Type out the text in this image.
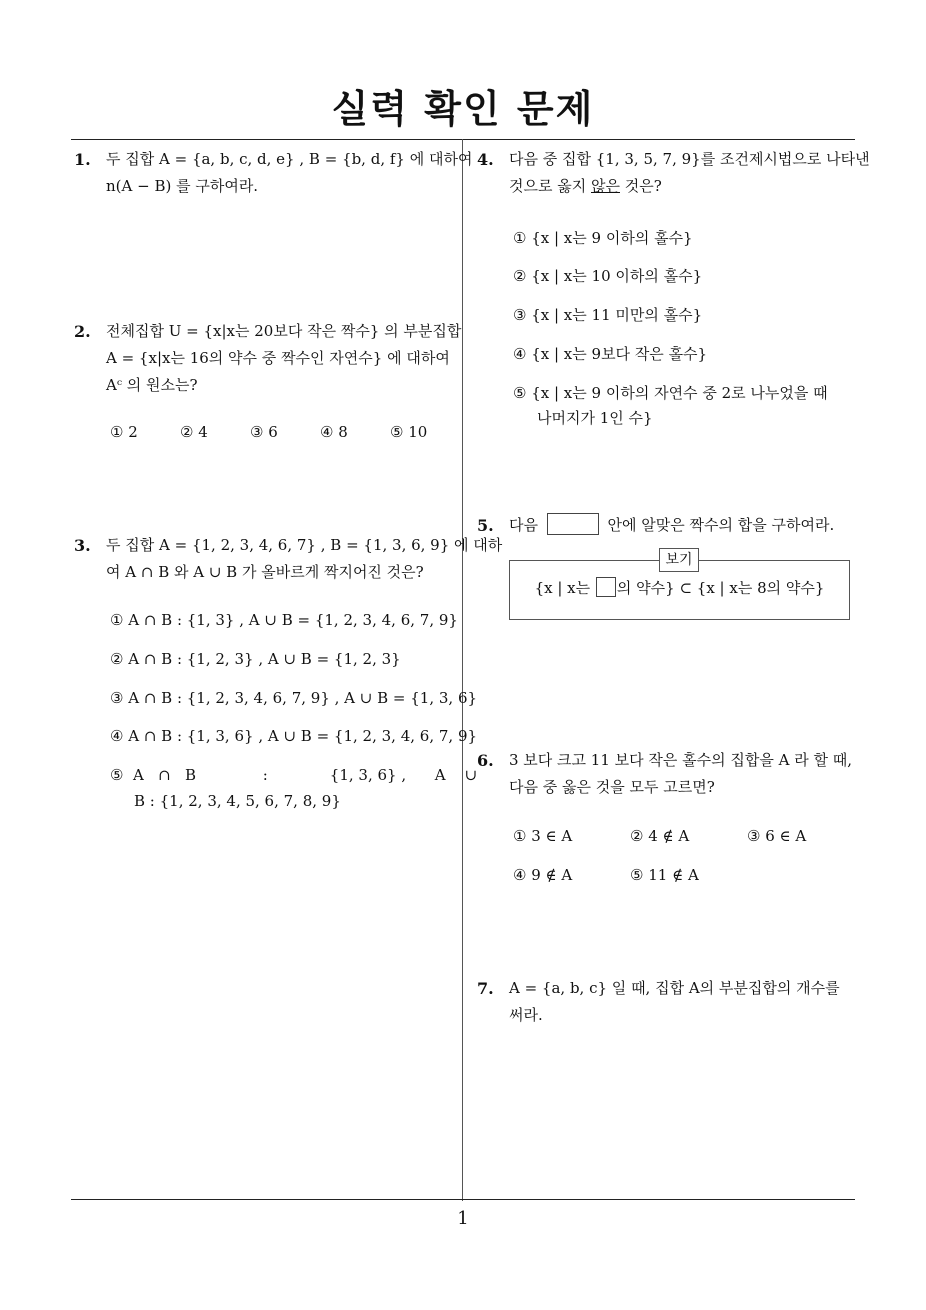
실력 확인 문제
1. 두 집합 A = {a, b, c, d, e} , B = {b, d, f} 에 대하여
n(A − B) 를 구하여라.
2. 전체집합 U = {x|x는 20보다 작은 짝수} 의 부분집합
A = {x|x는 16의 약수 중 짝수인 자연수} 에 대하여
Aᶜ 의 원소는?
① 2	② 4	③ 6	④ 8	⑤ 10
3. 두 집합 A = {1, 2, 3, 4, 6, 7} , B = {1, 3, 6, 9} 에 대하
여 A ∩ B 와 A ∪ B 가 올바르게 짝지어진 것은?
① A ∩ B : {1, 3} , A ∪ B = {1, 2, 3, 4, 6, 7, 9}
② A ∩ B : {1, 2, 3} , A ∪ B = {1, 2, 3}
③ A ∩ B : {1, 2, 3, 4, 6, 7, 9} , A ∪ B = {1, 3, 6}
④ A ∩ B : {1, 3, 6} , A ∪ B = {1, 2, 3, 4, 6, 7, 9}
⑤  A   ∩   B              :             {1, 3, 6} ,      A    ∪
B : {1, 2, 3, 4, 5, 6, 7, 8, 9}
4. 다음 중 집합 {1, 3, 5, 7, 9}를 조건제시법으로 나타낸
것으로 옳지 않은 것은?
① {x | x는 9 이하의 홀수}
② {x | x는 10 이하의 홀수}
③ {x | x는 11 미만의 홀수}
④ {x | x는 9보다 작은 홀수}
⑤ {x | x는 9 이하의 자연수 중 2로 나누었을 때
나머지가 1인 수}
5. 다음	안에 알맞은 짝수의 합을 구하여라.
보기
{x | x는 의 약수} ⊂ {x | x는 8의 약수}
6. 3 보다 크고 11 보다 작은 홀수의 집합을 A 라 할 때,
다음 중 옳은 것을 모두 고르면?
① 3 ∈ A	② 4 ∉ A	③ 6 ∈ A
④ 9 ∉ A	⑤ 11 ∉ A
7. A = {a, b, c} 일 때, 집합 A의 부분집합의 개수를
써라.
1
